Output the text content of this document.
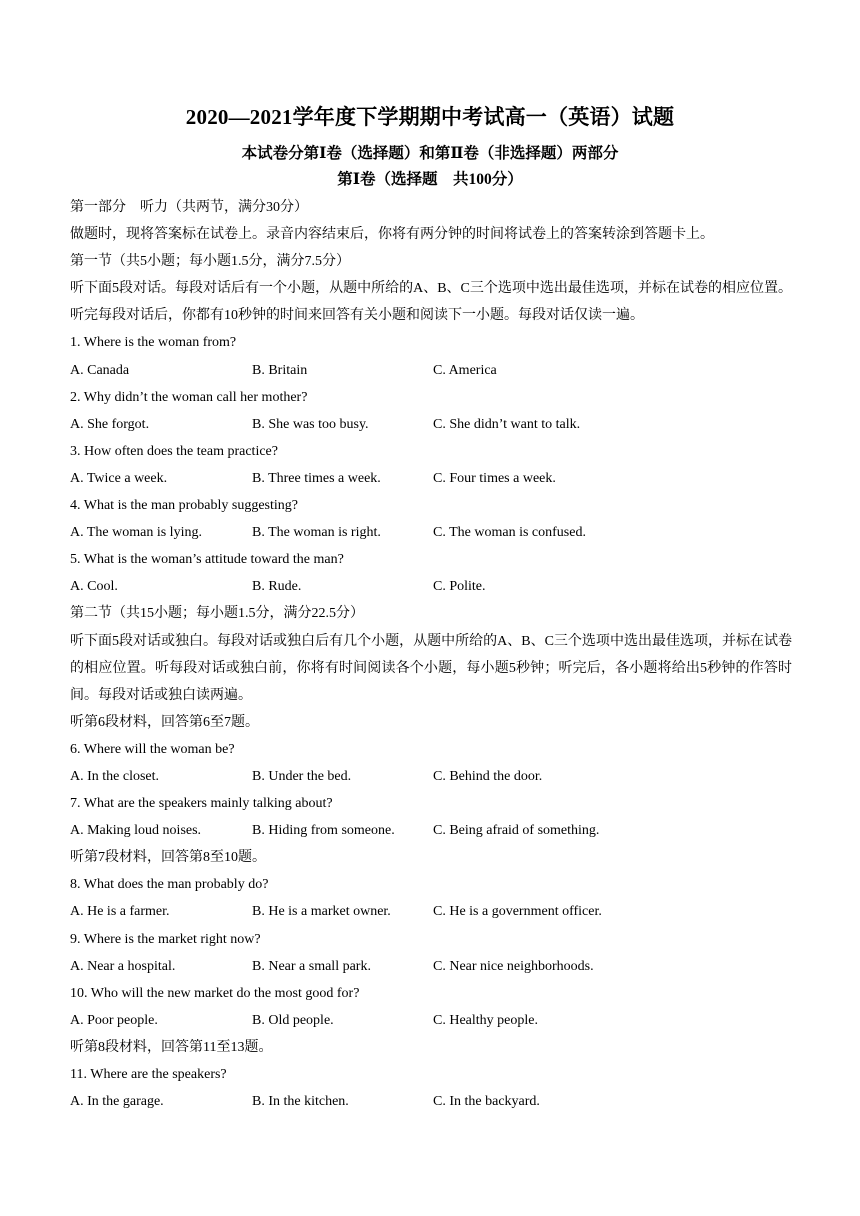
2020—2021学年度下学期期中考试高一（英语）试题
本试卷分第Ⅰ卷（选择题）和第Ⅱ卷（非选择题）两部分
第Ⅰ卷（选择题　共100分）
第一部分　听力（共两节，满分30分）
做题时，现将答案标在试卷上。录音内容结束后，你将有两分钟的时间将试卷上的答案转涂到答题卡上。
第一节（共5小题；每小题1.5分，满分7.5分）
听下面5段对话。每段对话后有一个小题，从题中所给的A、B、C三个选项中选出最佳选项，并标在试卷的相应位置。听完每段对话后，你都有10秒钟的时间来回答有关小题和阅读下一小题。每段对话仅读一遍。
1. Where is the woman from?
A. Canada	B. Britain	C. America
2. Why didn’t the woman call her mother?
A. She forgot.	B. She was too busy.	C. She didn’t want to talk.
3. How often does the team practice?
A. Twice a week.	B. Three times a week.	C. Four times a week.
4. What is the man probably suggesting?
A. The woman is lying.	B. The woman is right.	C. The woman is confused.
5. What is the woman’s attitude toward the man?
A. Cool.	B. Rude.	C. Polite.
第二节（共15小题；每小题1.5分，满分22.5分）
听下面5段对话或独白。每段对话或独白后有几个小题，从题中所给的A、B、C三个选项中选出最佳选项，并标在试卷的相应位置。听每段对话或独白前，你将有时间阅读各个小题，每小题5秒钟；听完后，各小题将给出5秒钟的作答时间。每段对话或独白读两遍。
听第6段材料，回答第6至7题。
6. Where will the woman be?
A. In the closet.	B. Under the bed.	C. Behind the door.
7. What are the speakers mainly talking about?
A. Making loud noises.	B. Hiding from someone.	C. Being afraid of something.
听第7段材料，回答第8至10题。
8. What does the man probably do?
A. He is a farmer.	B. He is a market owner.	C. He is a government officer.
9. Where is the market right now?
A. Near a hospital.	B. Near a small park.	C. Near nice neighborhoods.
10. Who will the new market do the most good for?
A. Poor people.	B. Old people.	C. Healthy people.
听第8段材料，回答第11至13题。
11. Where are the speakers?
A. In the garage.	B. In the kitchen.	C. In the backyard.
